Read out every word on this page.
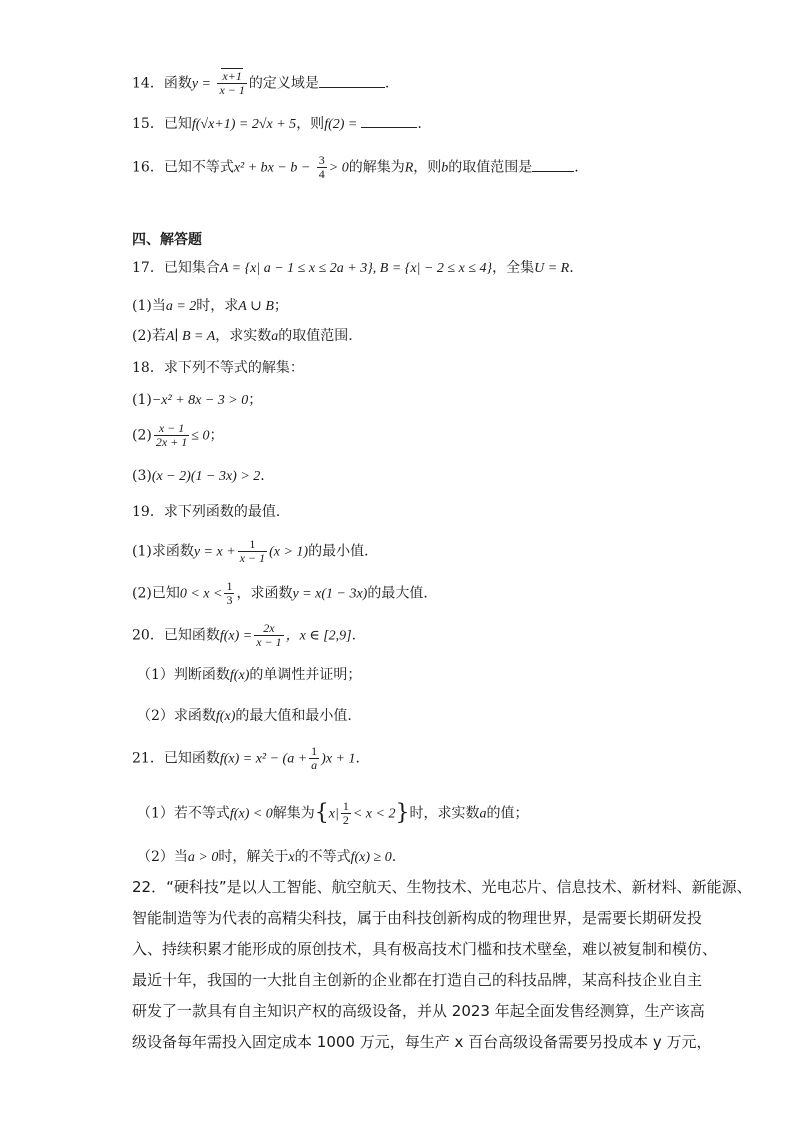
14．函数$y = \frac{x+1}{x - 1}$ 的定义域是	.
15．已知f(√x+1) = 2√x + 5，则f(2) =	.
16．已知不等式x² + bx − $b - \frac{3}{4} > 0$的解集为R，则b的取值范围是	.
四、解答题
17．已知集合A = {x| a − 1 ≤ x ≤ 2a + 3}, B = {x| − 2 ≤ x ≤ 4}，全集U = R.
(1)当a = 2时，求A ∪ B；
(2)若A∣ B = A，求实数a的取值范围.
18．求下列不等式的解集：
(1)−x² + 8x − 3 > 0；
$(2) \frac{x - 1}{2x + 1} \le 0$；
(3)(x − 2)(1 − 3x) > 2.
19．求下列函数的最值．
(1)求函数$y = x + \frac{1}{x - 1} (x > 1)$的最小值．
(2)已知$0 < x < \frac{1}{3}$ ，求函数y = x(1 − 3x)的最大值．
20．已知函数$f(x) = \frac{2x}{x - 1}$ ，x ∈ [2,9].
（1）判断函数f(x)的单调性并证明；
（2）求函数f(x)的最大值和最小值.
21．已知函数$f(x) = x^2 - (a + \frac{1}{a} )x + 1$.
（1）若不等式f(x) < 0解集为$\{x| \frac{1}{2} < x < 2\}$时，求实数a的值；
（2）当a > 0时，解关于x的不等式f(x) ≥ 0.
22．“硬科技”是以人工智能、航空航天、生物技术、光电芯片、信息技术、新材料、新能源、
智能制造等为代表的高精尖科技，属于由科技创新构成的物理世界，是需要长期研发投
入、持续积累才能形成的原创技术，具有极高技术门槛和技术壁垒，难以被复制和模仿、
最近十年，我国的一大批自主创新的企业都在打造自己的科技品牌，某高科技企业自主
研发了一款具有自主知识产权的高级设备，并从 2023 年起全面发售经测算，生产该高
级设备每年需投入固定成本 1000 万元，每生产 x 百台高级设备需要另投成本 y 万元，
